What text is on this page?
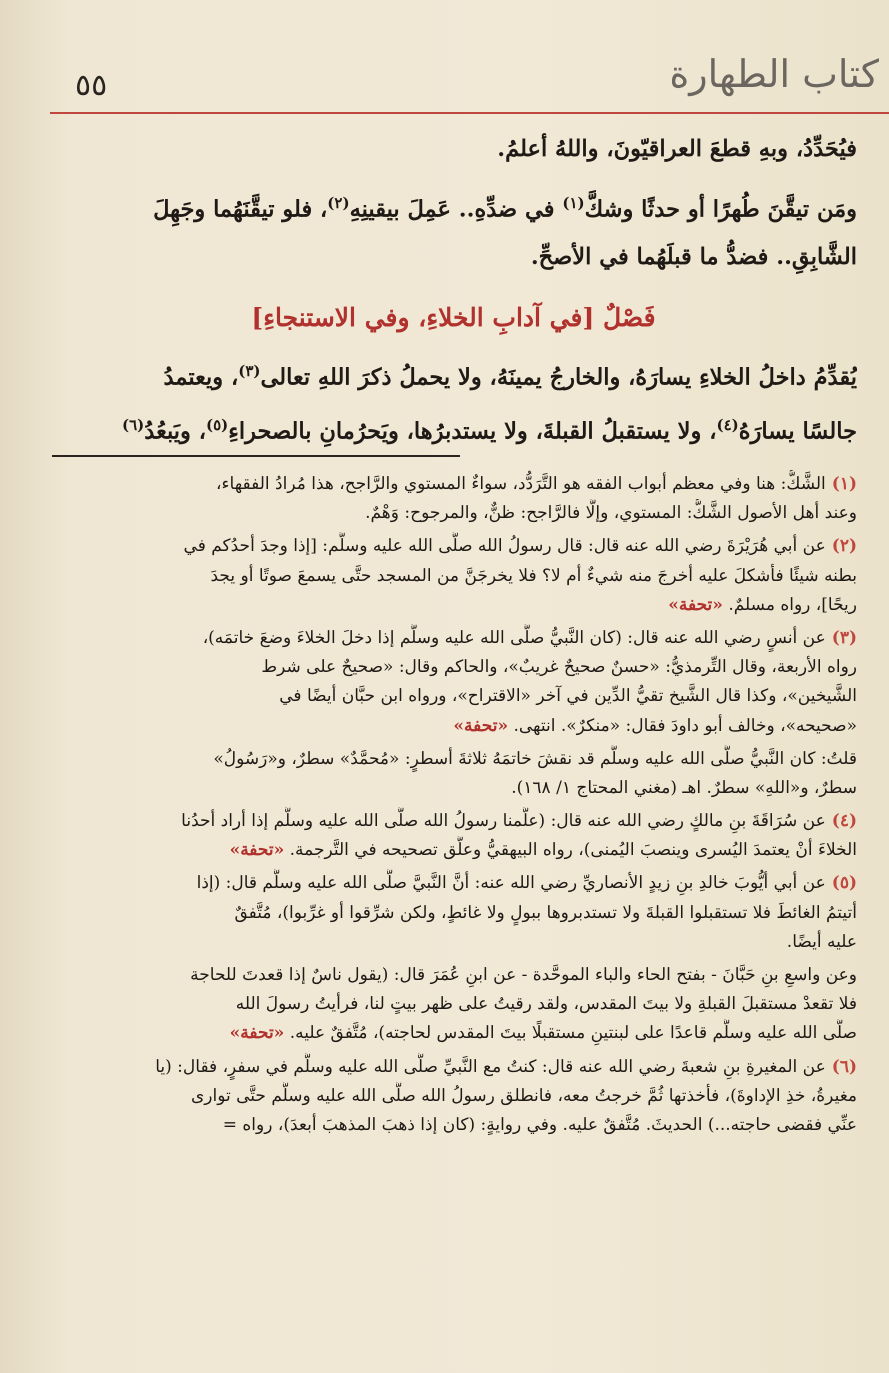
٥٥	كتاب الطهارة
فيُحَدِّدُ، وبهِ قطعَ العراقيّونَ، واللهُ أعلمُ.
ومَن تيقَّنَ طُهرًا أو حدثًا وشكَّ$^{(١)}$ في ضدِّهِ.. عَمِلَ بيقينِهِ$^{(٢)}$، فلو تيقَّنَهُما وجَهِلَ
الشَّابِقِ.. فضدُّ ما قبلَهُما في الأصحِّ.
فَصْلٌ [في آدابِ الخلاءِ، وفي الاستنجاءِ]
يُقدِّمُ داخلُ الخلاءِ يسارَهُ، والخارجُ يمينَهُ، ولا يحملُ ذكرَ اللهِ تعالى$^{(٣)}$، ويعتمدُ
جالسًا يسارَهُ$^{(٤)}$، ولا يستقبلُ القبلةَ، ولا يستدبرُها، ويَحرُمانِ بالصحراءِ$^{(٥)}$، ويَبعُدُ$^{(٦)}$
(١)الشَّكُّ: هنا وفي معظم أبواب الفقه هو التَّرَدُّد، سواءٌ المستوي والرَّاجح، هذا مُرادُ الفقهاء،
وعند أهل الأصول الشَّكُّ: المستوي، وإلَّا فالرَّاجح: ظنٌّ، والمرجوح: وَهْمٌ.
(٢)عن أبي هُرَيْرَةَ رضي الله عنه قال: قال رسولُ الله صلَّى الله عليه وسلَّم: [إذا وجدَ أحدُكم في
بطنه شيئًا فأشكلَ عليه أخرجَ منه شيءٌ أم لا؟ فلا يخرجَنَّ من المسجد حتَّى يسمعَ صوتًا أو يجدَ
ريحًا]، رواه مسلمٌ. «تحفة»
(٣)عن أنسٍ رضي الله عنه قال: (كان النَّبيُّ صلَّى الله عليه وسلَّم إذا دخلَ الخلاءَ وضعَ خاتمَه)،
رواه الأربعة، وقال التِّرمذيُّ: «حسنٌ صحيحٌ غريبٌ»، والحاكم وقال: «صحيحٌ على شرط
الشَّيخين»، وكذا قال الشَّيخ تقيُّ الدِّين في آخر «الاقتراح»، ورواه ابن حبَّان أيضًا في
«صحيحه»، وخالف أبو داودَ فقال: «منكرٌ». انتهى. «تحفة»
قلتُ: كان النَّبيُّ صلَّى الله عليه وسلَّم قد نقشَ خاتمَهُ ثلاثةَ أسطرٍ: «مُحمَّدٌ» سطرٌ، و«رَسُولُ»
سطرٌ، و«اللهِ» سطرٌ. اهـ (مغني المحتاج ١/ ١٦٨).
(٤)عن سُرَاقَةَ بنِ مالكٍ رضي الله عنه قال: (علَّمنا رسولُ الله صلَّى الله عليه وسلَّم إذا أراد أحدُنا
الخلاءَ أنْ يعتمدَ اليُسرى وينصبَ اليُمنى)، رواه البيهقيُّ وعلَّق تصحيحه في التَّرجمة. «تحفة»
(٥)عن أبي أيُّوبَ خالدِ بنِ زيدٍ الأنصاريِّ رضي الله عنه: أنَّ النَّبيَّ صلَّى الله عليه وسلَّم قال: (إذا
أتيتمُ الغائطَ فلا تستقبلوا القبلةَ ولا تستدبروها ببولٍ ولا غائطٍ، ولكن شرِّقوا أو غرِّبوا)، مُتَّفقٌ
عليه أيضًا.
وعن واسعِ بنِ حَبَّانَ - بفتح الحاء والباء الموحَّدة - عن ابنِ عُمَرَ قال: (يقول ناسٌ إذا قعدتَ للحاجة
فلا تقعدْ مستقبلَ القبلةِ ولا بيتَ المقدس، ولقد رقيتُ على ظهر بيتٍ لنا، فرأيتُ رسولَ الله
صلَّى الله عليه وسلَّم قاعدًا على لبنتينِ مستقبلًا بيتَ المقدس لحاجته)، مُتَّفقٌ عليه. «تحفة»
(٦)عن المغيرةِ بنِ شعبةَ رضي الله عنه قال: كنتُ مع النَّبيِّ صلَّى الله عليه وسلَّم في سفرٍ، فقال: (يا
مغيرةُ، خذِ الإداوةَ)، فأخذتها ثُمَّ خرجتُ معه، فانطلق رسولُ الله صلَّى الله عليه وسلَّم حتَّى توارى
عنِّي فقضى حاجته...) الحديثَ. مُتَّفقٌ عليه. وفي روايةٍ: (كان إذا ذهبَ المذهبَ أبعدَ)، رواه =
